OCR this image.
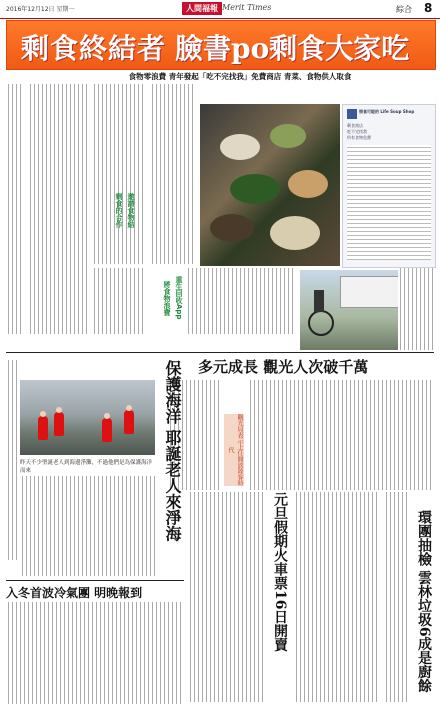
2016年12月12日 星期一	人間福報 Merit Times	綜合 8
剩食終結者 臉書po剩食大家吃
食物零浪費 青年發起「吃不完找我」免費商店 青菜、食物供人取食
剩食的合作 邀請食物結
將食物浪費 重生回收App
惜食可能的 Life Soup Shop
剩食商店
吃不完找我
所有食物免費
多元成長 觀光人次破千萬
觀光局表示上任開放陸客時代
昨天不少聖誕老人到海邊淨灘，不過他們是為保護海洋而來	保護海洋 耶誕老人來淨海
元旦假期火車票16日開賣	環團抽檢 雲林垃圾6成是廚餘
入冬首波冷氣團 明晚報到
